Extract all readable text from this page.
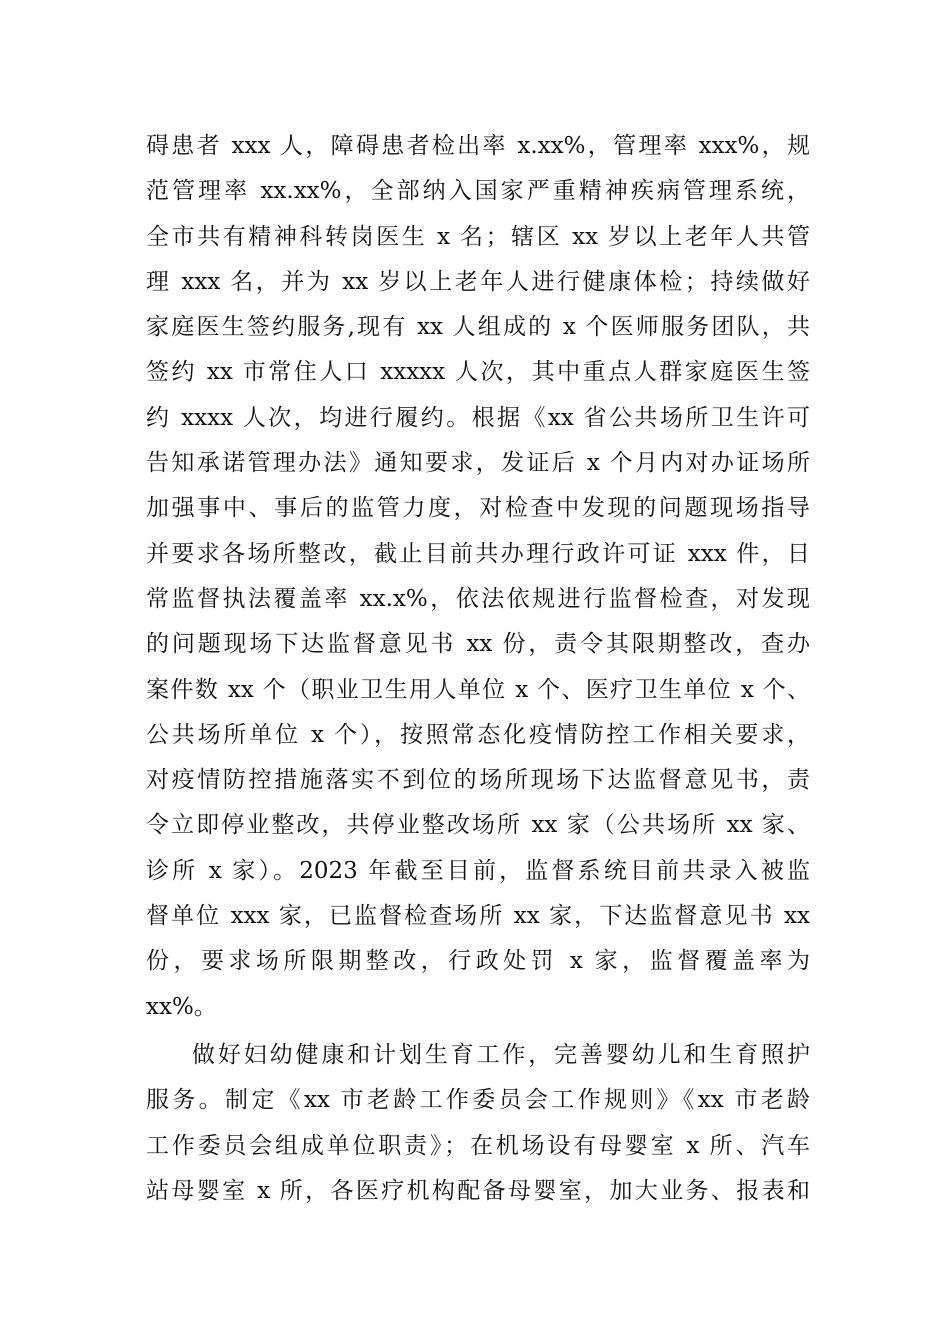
碍患者 xxx 人，障碍患者检出率 x.xx%，管理率 xxx%，规
范管理率 xx.xx%，全部纳入国家严重精神疾病管理系统，
全市共有精神科转岗医生 x 名；辖区 xx 岁以上老年人共管
理 xxx 名，并为 xx 岁以上老年人进行健康体检；持续做好
家庭医生签约服务,现有 xx 人组成的 x 个医师服务团队，共
签约 xx 市常住人口 xxxxx 人次，其中重点人群家庭医生签
约 xxxx 人次，均进行履约。根据《xx 省公共场所卫生许可
告知承诺管理办法》通知要求，发证后 x 个月内对办证场所
加强事中、事后的监管力度，对检查中发现的问题现场指导
并要求各场所整改，截止目前共办理行政许可证 xxx 件，日
常监督执法覆盖率 xx.x%，依法依规进行监督检查，对发现
的问题现场下达监督意见书 xx 份，责令其限期整改，查办
案件数 xx 个（职业卫生用人单位 x 个、医疗卫生单位 x 个、
公共场所单位 x 个），按照常态化疫情防控工作相关要求，
对疫情防控措施落实不到位的场所现场下达监督意见书，责
令立即停业整改，共停业整改场所 xx 家（公共场所 xx 家、
诊所 x 家）。2023 年截至目前，监督系统目前共录入被监
督单位 xxx 家，已监督检查场所 xx 家，下达监督意见书 xx
份，要求场所限期整改，行政处罚 x 家，监督覆盖率为
xx%。
做好妇幼健康和计划生育工作，完善婴幼儿和生育照护
服务。制定《xx 市老龄工作委员会工作规则》《xx 市老龄
工作委员会组成单位职责》；在机场设有母婴室 x 所、汽车
站母婴室 x 所，各医疗机构配备母婴室，加大业务、报表和
